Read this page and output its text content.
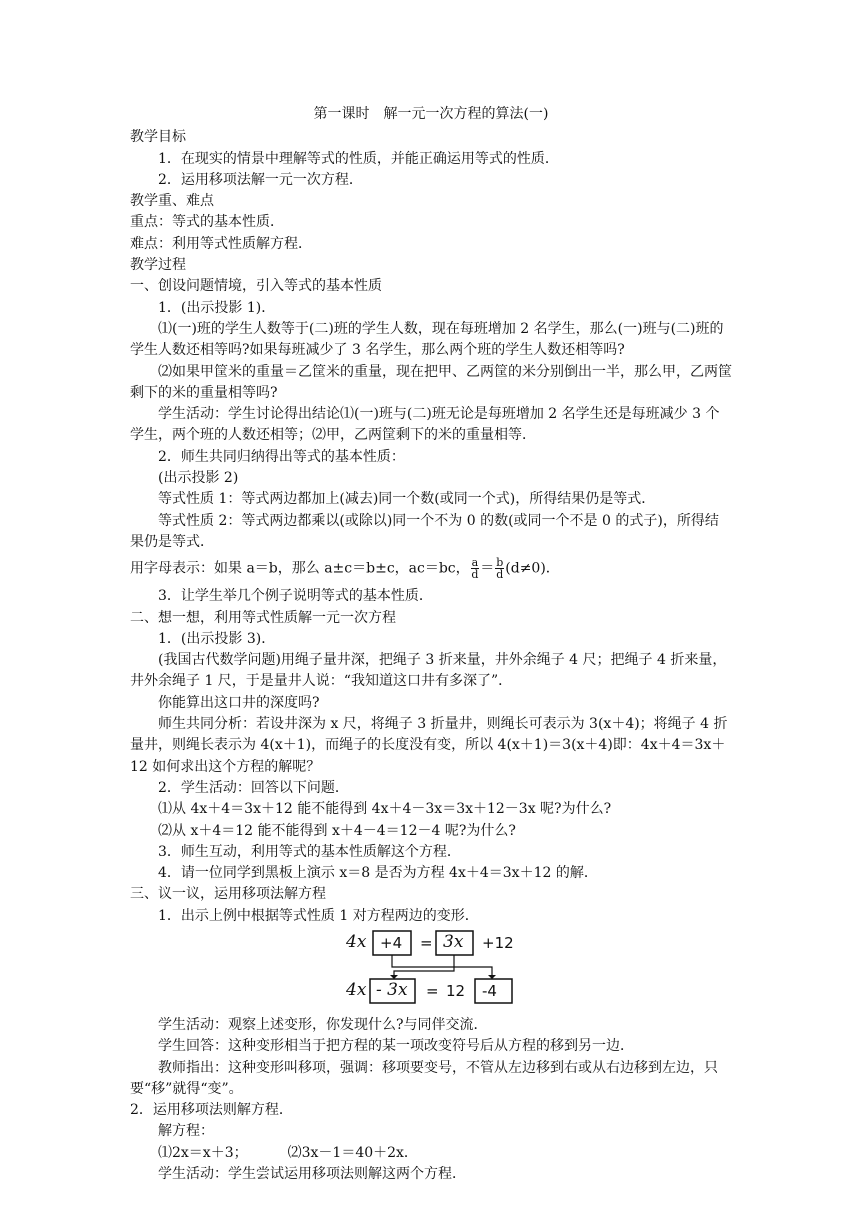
第一课时　解一元一次方程的算法(一)
教学目标
1．在现实的情景中理解等式的性质，并能正确运用等式的性质．
2．运用移项法解一元一次方程．
教学重、难点
重点：等式的基本性质．
难点：利用等式性质解方程．
教学过程
一、创设问题情境，引入等式的基本性质
1．(出示投影 1)．
⑴(一)班的学生人数等于(二)班的学生人数，现在每班增加 2 名学生，那么(一)班与(二)班的学生人数还相等吗?如果每班减少了 3 名学生，那么两个班的学生人数还相等吗?
⑵如果甲筐米的重量＝乙筐米的重量，现在把甲、乙两筐的米分别倒出一半，那么甲，乙两筐剩下的米的重量相等吗?
学生活动：学生讨论得出结论⑴(一)班与(二)班无论是每班增加 2 名学生还是每班减少 3 个学生，两个班的人数还相等；⑵甲，乙两筐剩下的米的重量相等．
2．师生共同归纳得出等式的基本性质：
(出示投影 2)
等式性质 1：等式两边都加上(减去)同一个数(或同一个式)，所得结果仍是等式．
等式性质 2：等式两边都乘以(或除以)同一个不为 0 的数(或同一个不是 0 的式子)，所得结果仍是等式．
用字母表示：如果 a＝b，那么 a±c＝b±c，ac＝bc， $\frac{a}{d} = \frac{b}{d} (d\ne 0)$．
3．让学生举几个例子说明等式的基本性质．
二、想一想，利用等式性质解一元一次方程
1．(出示投影 3)．
(我国古代数学问题)用绳子量井深，把绳子 3 折来量，井外余绳子 4 尺；把绳子 4 折来量，井外余绳子 1 尺，于是量井人说：“我知道这口井有多深了”．
你能算出这口井的深度吗?
师生共同分析：若设井深为 x 尺，将绳子 3 折量井，则绳长可表示为 3(x＋4)；将绳子 4 折量井，则绳长表示为 4(x＋1)，而绳子的长度没有变，所以 4(x＋1)＝3(x＋4)即：4x＋4＝3x＋12 如何求出这个方程的解呢？
2．学生活动：回答以下问题．
⑴从 4x＋4＝3x＋12 能不能得到 4x＋4－3x＝3x＋12－3x 呢?为什么?
⑵从 x＋4＝12 能不能得到 x＋4－4＝12－4 呢?为什么?
3．师生互动，利用等式的基本性质解这个方程．
4．请一位同学到黑板上演示 x＝8 是否为方程 4x＋4＝3x＋12 的解．
三、议一议，运用移项法解方程
1．出示上例中根据等式性质 1 对方程两边的变形．
4x +4 = 3x +12
4x - 3x = 12 -4
学生活动：观察上述变形，你发现什么?与同伴交流．
学生回答：这种变形相当于把方程的某一项改变符号后从方程的移到另一边．
教师指出：这种变形叫移项，强调：移项要变号，不管从左边移到右或从右边移到左边，只要“移”就得“变”。
2．运用移项法则解方程．
解方程：
⑴2x＝x＋3；	⑵3x－1＝40＋2x．
学生活动：学生尝试运用移项法则解这两个方程．
